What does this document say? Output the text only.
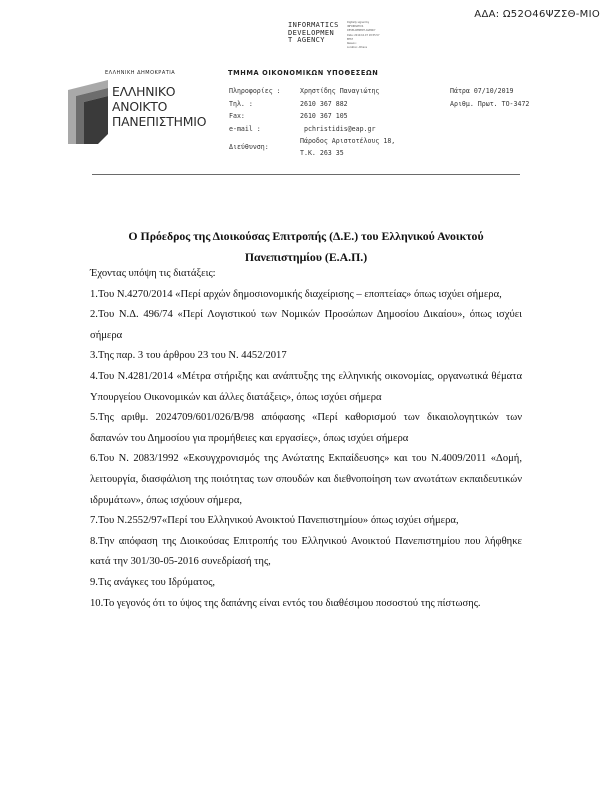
ΑΔΑ: Ω52Ο46ΨΖΣΘ-ΜΙΟ
INFORMATICS
DEVELOPMEN
T AGENCY
Digitally signed by
INFORMATICS
DEVELOPMENT AGENCY
Date: 2019.10.07 18:55:57
EEST
Reason:
Location: Athens
ΕΛΛΗΝΙΚΗ ΔΗΜΟΚΡΑΤΙΑ
ΕΛΛΗΝΙΚΟ
ΑΝΟΙΚΤΟ
ΠΑΝΕΠΙΣΤΗΜΙΟ
ΤΜΗΜΑ ΟΙΚΟΝΟΜΙΚΩΝ ΥΠΟΘΕΣΕΩΝ
Πληροφορίες :	Χρηστίδης Παναγιώτης
Τηλ. :	2610 367 882
Fax:	2610 367 105
e-mail :	pchristidis@eap.gr
Διεύθυνση:
Πάροδος Αριστοτέλους 18,
Τ.Κ. 263 35
Πάτρα 07/10/2019
Αριθμ. Πρωτ. ΤΟ-3472
Ο Πρόεδρος της Διοικούσας Επιτροπής (Δ.Ε.) του Ελληνικού Ανοικτού
Πανεπιστημίου (Ε.Α.Π.)

Έχοντας υπόψη τις διατάξεις:

1.Του Ν.4270/2014 «Περί αρχών δημοσιονομικής διαχείρισης – εποπτείας» όπως ισχύει σήμερα,

2.Του Ν.Δ. 496/74 «Περί Λογιστικού των Νομικών Προσώπων Δημοσίου Δικαίου», όπως ισχύει σήμερα

3.Της παρ. 3 του άρθρου 23 του Ν. 4452/2017

4.Του Ν.4281/2014 «Μέτρα στήριξης και ανάπτυξης της ελληνικής οικονομίας, οργανωτικά θέματα Υπουργείου Οικονομικών και άλλες διατάξεις», όπως ισχύει σήμερα

5.Της αριθμ. 2024709/601/026/Β/98 απόφασης «Περί καθορισμού των δικαιολογητικών των δαπανών του Δημοσίου για προμήθειες και εργασίες», όπως ισχύει σήμερα

6.Του Ν. 2083/1992 «Εκσυγχρονισμός της Ανώτατης Εκπαίδευσης» και του Ν.4009/2011 «Δομή, λειτουργία, διασφάλιση της ποιότητας των σπουδών και διεθνοποίηση των ανωτάτων εκπαιδευτικών ιδρυμάτων», όπως ισχύουν σήμερα,

7.Του Ν.2552/97«Περί του Ελληνικού Ανοικτού Πανεπιστημίου» όπως ισχύει σήμερα,

8.Την απόφαση της Διοικούσας Επιτροπής του Ελληνικού Ανοικτού Πανεπιστημίου που λήφθηκε κατά την 301/30-05-2016 συνεδρίασή της,

9.Τις ανάγκες του Ιδρύματος,

10.Το γεγονός ότι το ύψος της δαπάνης είναι εντός του διαθέσιμου ποσοστού της πίστωσης.
